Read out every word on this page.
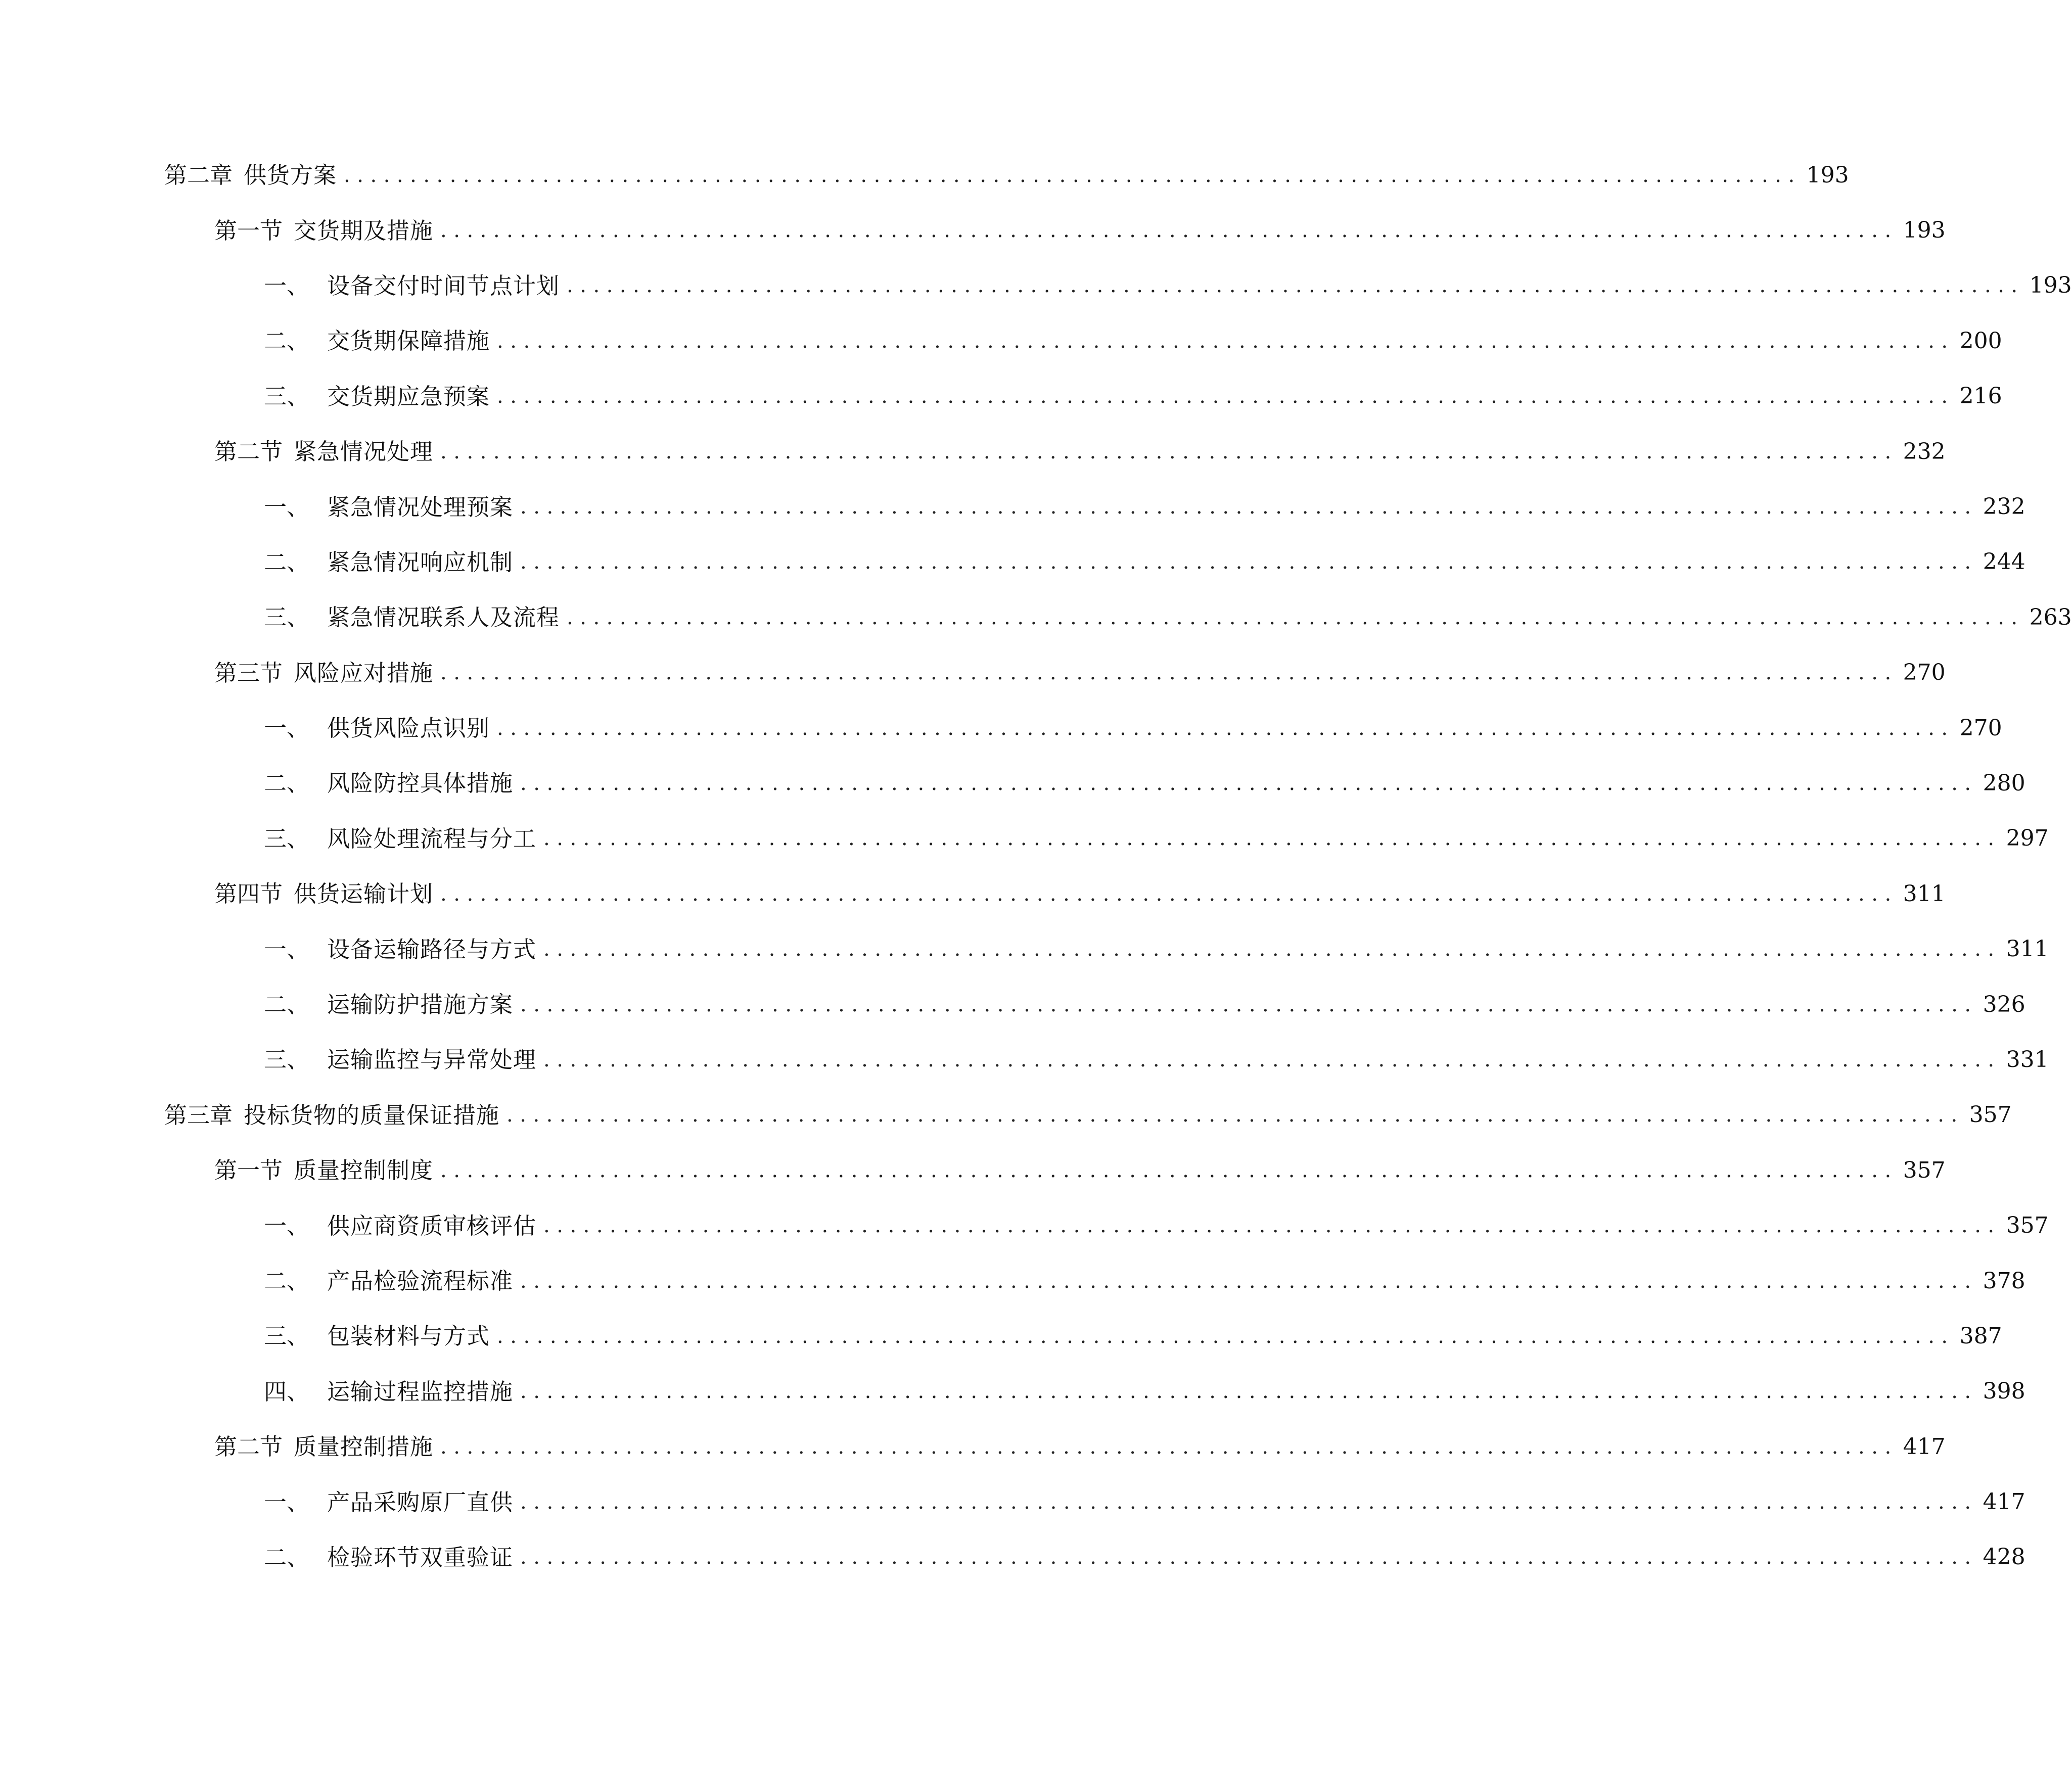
第二章 供货方案 .............................................................................................................. 193
第一节 交货期及措施 .............................................................................................................. 193
一、 设备交付时间节点计划 .............................................................................................................. 193
二、 交货期保障措施 .............................................................................................................. 200
三、 交货期应急预案 .............................................................................................................. 216
第二节 紧急情况处理 .............................................................................................................. 232
一、 紧急情况处理预案 .............................................................................................................. 232
二、 紧急情况响应机制 .............................................................................................................. 244
三、 紧急情况联系人及流程 .............................................................................................................. 263
第三节 风险应对措施 .............................................................................................................. 270
一、 供货风险点识别 .............................................................................................................. 270
二、 风险防控具体措施 .............................................................................................................. 280
三、 风险处理流程与分工 .............................................................................................................. 297
第四节 供货运输计划 .............................................................................................................. 311
一、 设备运输路径与方式 .............................................................................................................. 311
二、 运输防护措施方案 .............................................................................................................. 326
三、 运输监控与异常处理 .............................................................................................................. 331
第三章 投标货物的质量保证措施 .............................................................................................................. 357
第一节 质量控制制度 .............................................................................................................. 357
一、 供应商资质审核评估 .............................................................................................................. 357
二、 产品检验流程标准 .............................................................................................................. 378
三、 包装材料与方式 .............................................................................................................. 387
四、 运输过程监控措施 .............................................................................................................. 398
第二节 质量控制措施 .............................................................................................................. 417
一、 产品采购原厂直供 .............................................................................................................. 417
二、 检验环节双重验证 .............................................................................................................. 428
